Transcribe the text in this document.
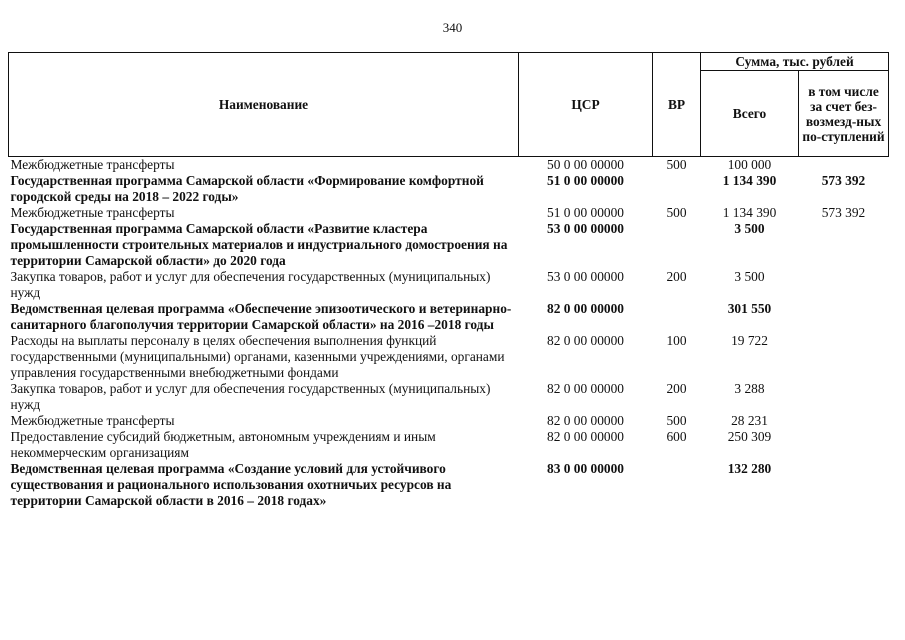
340
Наименование	ЦСР	ВР	Сумма, тыс. рублей	
			Всего	в том числе за счет без-возмезд-ных по-ступлений
Межбюджетные трансферты	50 0 00 00000	500	100 000	
Государственная программа Самарской области «Формирование комфортной городской среды на 2018 – 2022 годы»	51 0 00 00000		1 134 390	573 392
Межбюджетные трансферты	51 0 00 00000	500	1 134 390	573 392
Государственная программа Самарской области «Развитие кластера промышленности строительных материалов и индустриального домостроения на территории Самарской области» до 2020 года	53 0 00 00000		3 500	
Закупка товаров, работ и услуг для обеспечения государственных (муниципальных) нужд	53 0 00 00000	200	3 500	
Ведомственная целевая программа «Обеспечение эпизоотического и ветеринарно-санитарного благополучия территории Самарской области» на 2016 –2018 годы	82 0 00 00000		301 550	
Расходы на выплаты персоналу в целях обеспечения выполнения функций государственными (муниципальными) органами, казенными учреждениями, органами управления государственными внебюджетными фондами	82 0 00 00000	100	19 722	
Закупка товаров, работ и услуг для обеспечения государственных (муниципальных) нужд	82 0 00 00000	200	3 288	
Межбюджетные трансферты	82 0 00 00000	500	28 231	
Предоставление субсидий бюджетным, автономным учреждениям и иным некоммерческим организациям	82 0 00 00000	600	250 309	
Ведомственная целевая программа «Создание условий для устойчивого существования и рационального использования охотничьих ресурсов на территории Самарской области в 2016 – 2018 годах»	83 0 00 00000		132 280	
